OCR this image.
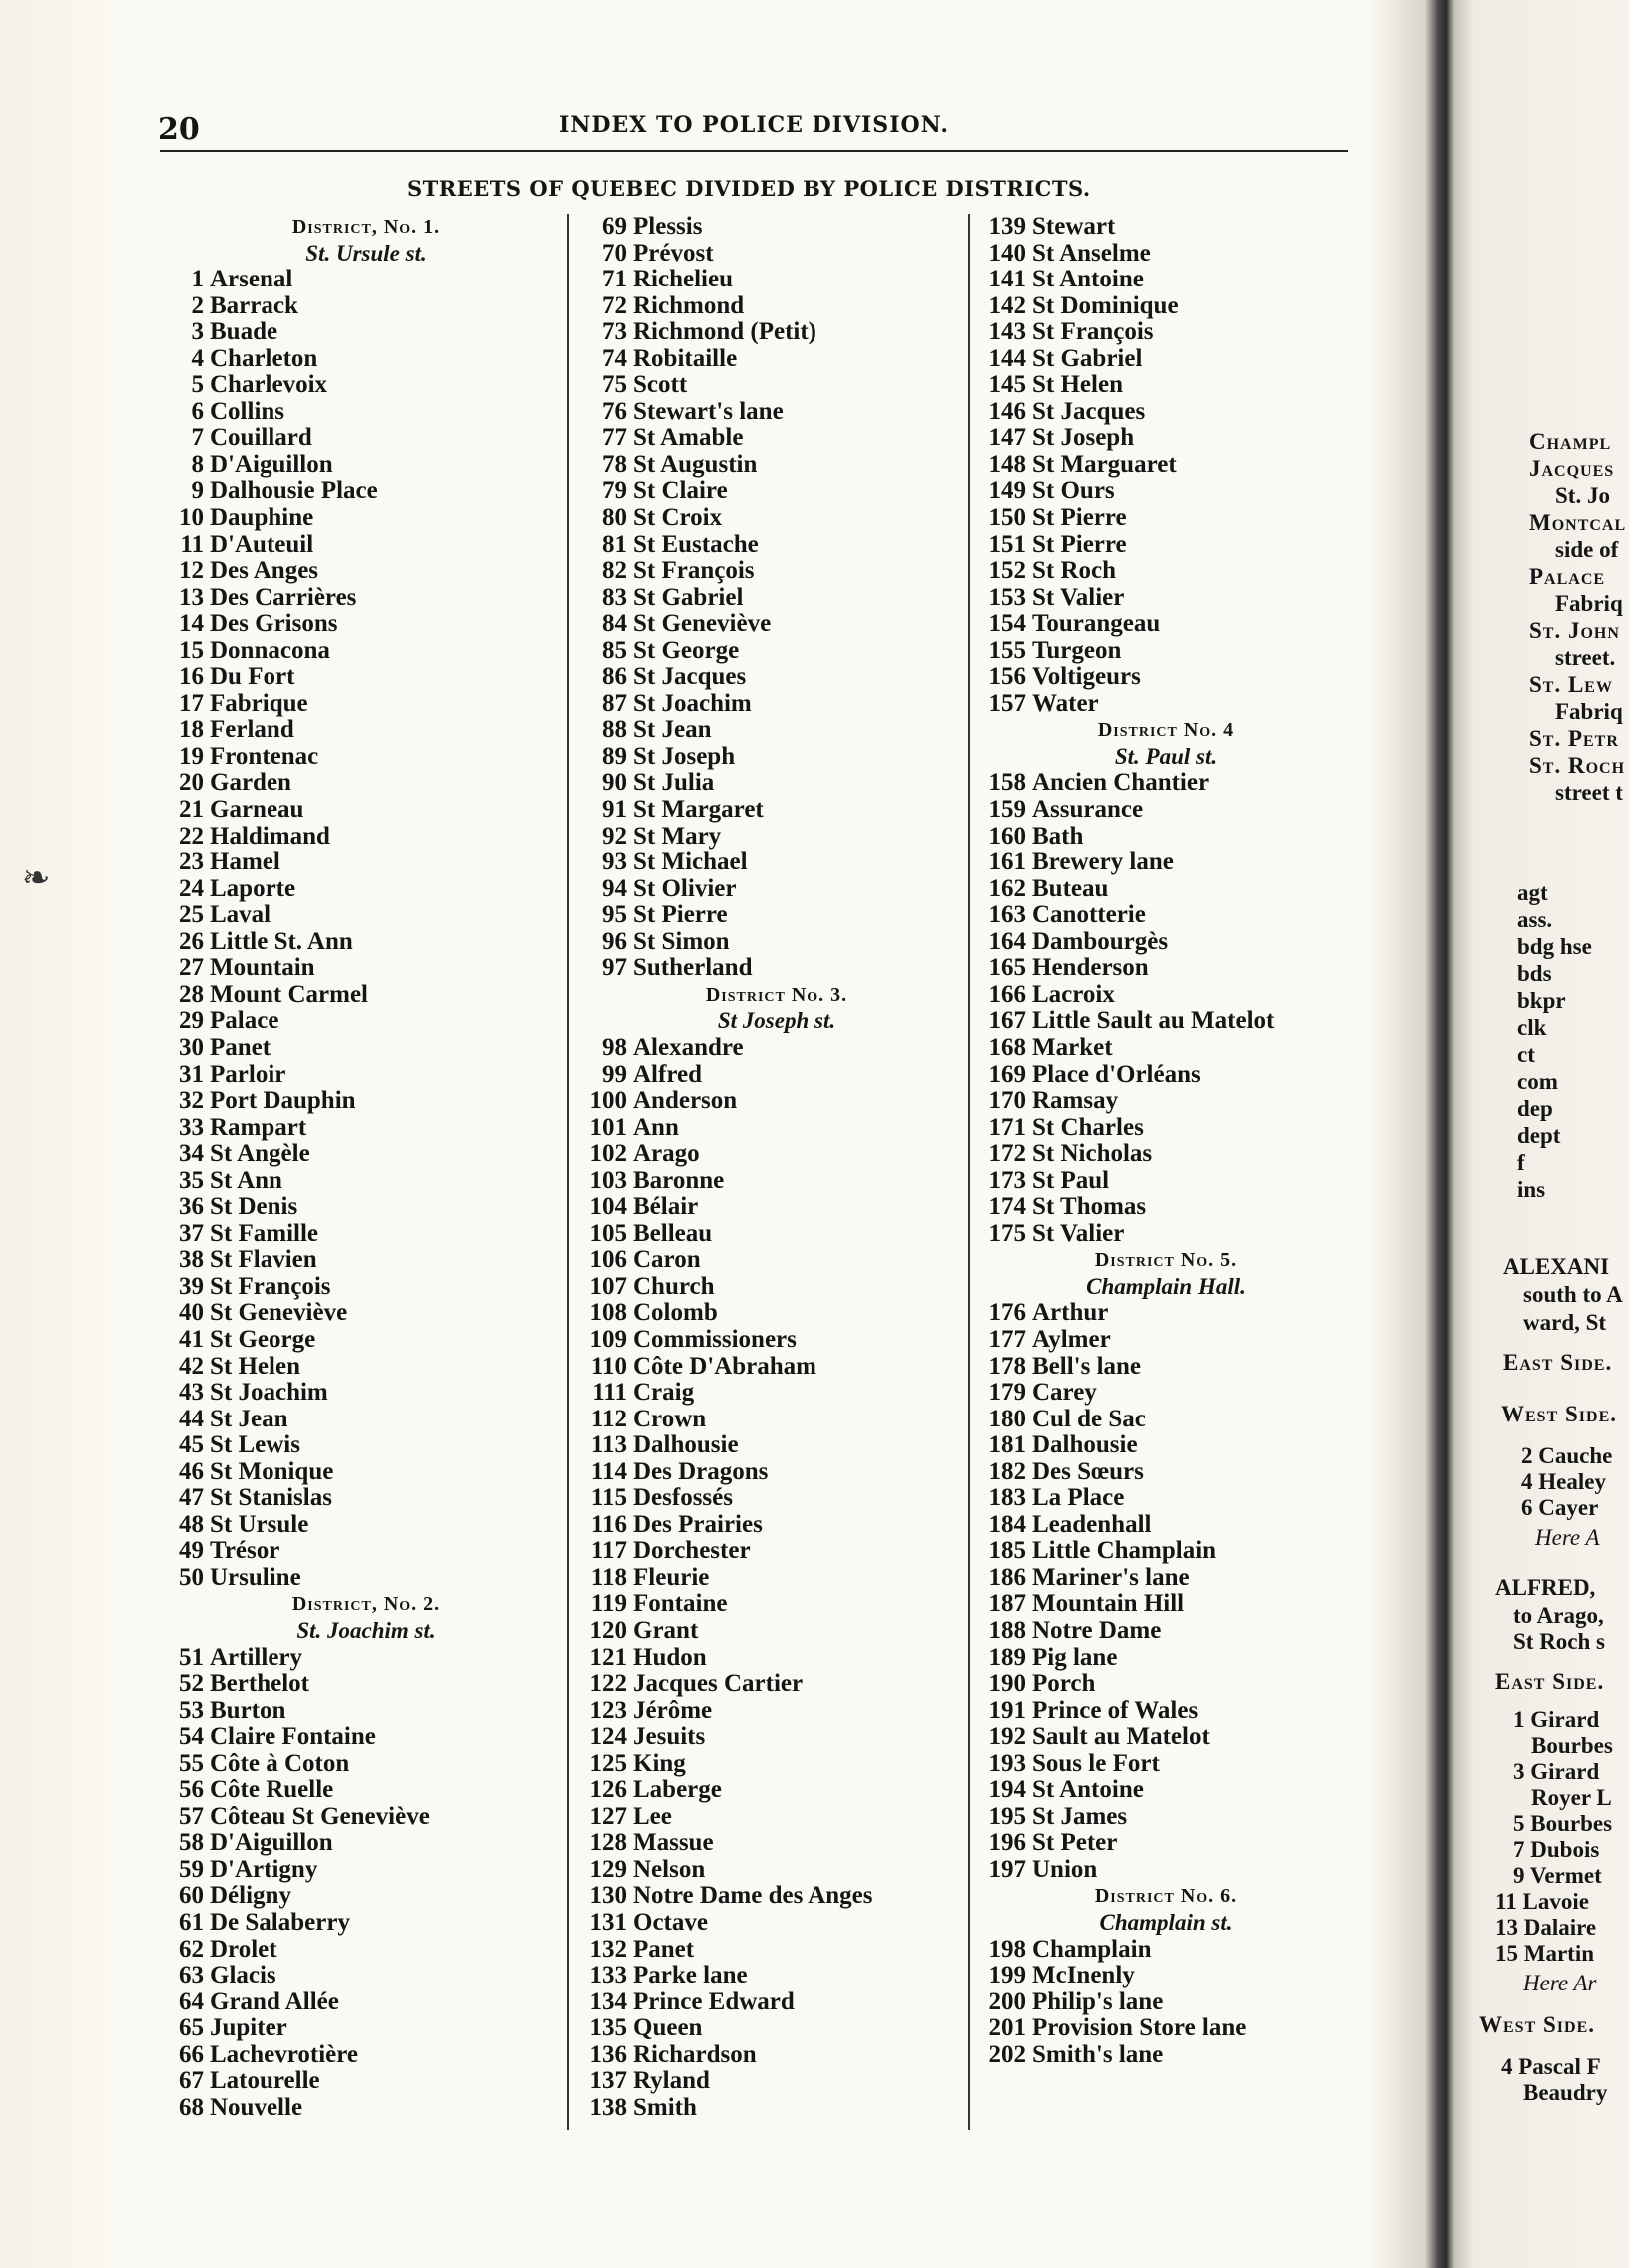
20	INDEX TO POLICE DIVISION.
STREETS OF QUEBEC DIVIDED BY POLICE DISTRICTS.
District, No. 1.
St. Ursule st.
1 Arsenal
2 Barrack
3 Buade
4 Charleton
5 Charlevoix
6 Collins
7 Couillard
8 D'Aiguillon
9 Dalhousie Place
10 Dauphine
11 D'Auteuil
12 Des Anges
13 Des Carrières
14 Des Grisons
15 Donnacona
16 Du Fort
17 Fabrique
18 Ferland
19 Frontenac
20 Garden
21 Garneau
22 Haldimand
23 Hamel
24 Laporte
25 Laval
26 Little St. Ann
27 Mountain
28 Mount Carmel
29 Palace
30 Panet
31 Parloir
32 Port Dauphin
33 Rampart
34 St Angèle
35 St Ann
36 St Denis
37 St Famille
38 St Flavien
39 St François
40 St Geneviève
41 St George
42 St Helen
43 St Joachim
44 St Jean
45 St Lewis
46 St Monique
47 St Stanislas
48 St Ursule
49 Trésor
50 Ursuline
District, No. 2.
St. Joachim st.
51 Artillery
52 Berthelot
53 Burton
54 Claire Fontaine
55 Côte à Coton
56 Côte Ruelle
57 Côteau St Geneviève
58 D'Aiguillon
59 D'Artigny
60 Déligny
61 De Salaberry
62 Drolet
63 Glacis
64 Grand Allée
65 Jupiter
66 Lachevrotière
67 Latourelle
68 Nouvelle
69 Plessis
70 Prévost
71 Richelieu
72 Richmond
73 Richmond (Petit)
74 Robitaille
75 Scott
76 Stewart's lane
77 St Amable
78 St Augustin
79 St Claire
80 St Croix
81 St Eustache
82 St François
83 St Gabriel
84 St Geneviève
85 St George
86 St Jacques
87 St Joachim
88 St Jean
89 St Joseph
90 St Julia
91 St Margaret
92 St Mary
93 St Michael
94 St Olivier
95 St Pierre
96 St Simon
97 Sutherland
District No. 3.
St Joseph st.
98 Alexandre
99 Alfred
100 Anderson
101 Ann
102 Arago
103 Baronne
104 Bélair
105 Belleau
106 Caron
107 Church
108 Colomb
109 Commissioners
110 Côte D'Abraham
111 Craig
112 Crown
113 Dalhousie
114 Des Dragons
115 Desfossés
116 Des Prairies
117 Dorchester
118 Fleurie
119 Fontaine
120 Grant
121 Hudon
122 Jacques Cartier
123 Jérôme
124 Jesuits
125 King
126 Laberge
127 Lee
128 Massue
129 Nelson
130 Notre Dame des Anges
131 Octave
132 Panet
133 Parke lane
134 Prince Edward
135 Queen
136 Richardson
137 Ryland
138 Smith
139 Stewart
140 St Anselme
141 St Antoine
142 St Dominique
143 St François
144 St Gabriel
145 St Helen
146 St Jacques
147 St Joseph
148 St Marguaret
149 St Ours
150 St Pierre
151 St Pierre
152 St Roch
153 St Valier
154 Tourangeau
155 Turgeon
156 Voltigeurs
157 Water
District No. 4
St. Paul st.
158 Ancien Chantier
159 Assurance
160 Bath
161 Brewery lane
162 Buteau
163 Canotterie
164 Dambourgès
165 Henderson
166 Lacroix
167 Little Sault au Matelot
168 Market
169 Place d'Orléans
170 Ramsay
171 St Charles
172 St Nicholas
173 St Paul
174 St Thomas
175 St Valier
District No. 5.
Champlain Hall.
176 Arthur
177 Aylmer
178 Bell's lane
179 Carey
180 Cul de Sac
181 Dalhousie
182 Des Sœurs
183 La Place
184 Leadenhall
185 Little Champlain
186 Mariner's lane
187 Mountain Hill
188 Notre Dame
189 Pig lane
190 Porch
191 Prince of Wales
192 Sault au Matelot
193 Sous le Fort
194 St Antoine
195 St James
196 St Peter
197 Union
District No. 6.
Champlain st.
198 Champlain
199 McInenly
200 Philip's lane
201 Provision Store lane
202 Smith's lane
❧
Champl
Jacques
St. Jo
Montcal
side of
Palace
Fabriq
St. John
street.
St. Lew
Fabriq
St. Petr
St. Roch
street t
agt
ass.
bdg hse
bds
bkpr
clk
ct
com
dep
dept
f
ins
ALEXANI
south to A
ward, St
East Side.
West Side.
2 Cauche
4 Healey
6 Cayer
Here A
ALFRED,
to Arago,
St Roch s
East Side.
1 Girard
Bourbes
3 Girard
Royer L
5 Bourbes
7 Dubois
9 Vermet
11 Lavoie
13 Dalaire
15 Martin
Here Ar
West Side.
4 Pascal F
Beaudry
